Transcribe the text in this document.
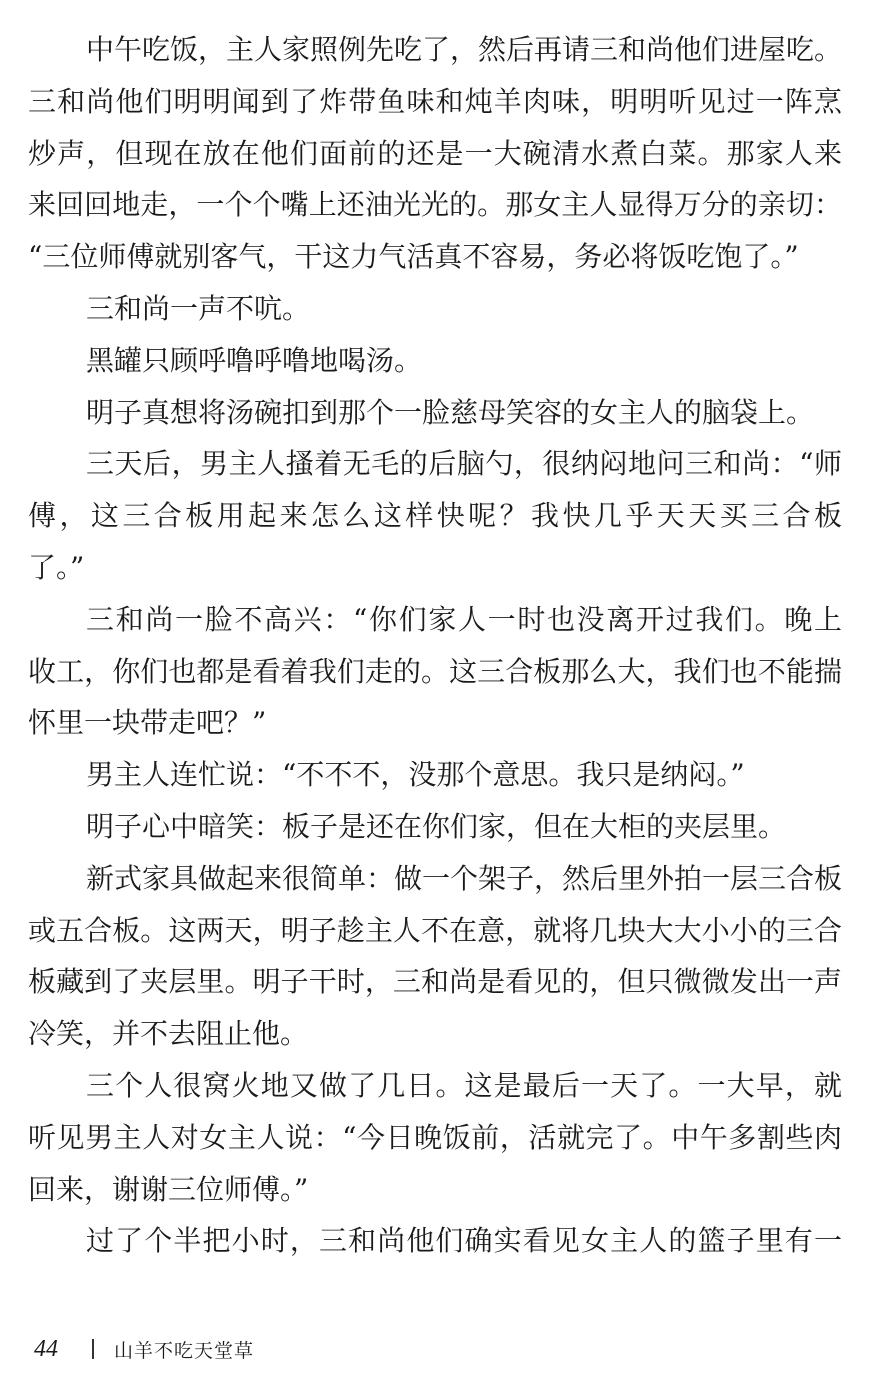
中午吃饭，主人家照例先吃了，然后再请三和尚他们进屋吃。
三和尚他们明明闻到了炸带鱼味和炖羊肉味，明明听见过一阵烹
炒声，但现在放在他们面前的还是一大碗清水煮白菜。那家人来
来回回地走，一个个嘴上还油光光的。那女主人显得万分的亲切：
“三位师傅就别客气，干这力气活真不容易，务必将饭吃饱了。”
三和尚一声不吭。
黑罐只顾呼噜呼噜地喝汤。
明子真想将汤碗扣到那个一脸慈母笑容的女主人的脑袋上。
三天后，男主人搔着无毛的后脑勺，很纳闷地问三和尚：“师
傅，这三合板用起来怎么这样快呢？我快几乎天天买三合板
了。”
三和尚一脸不高兴：“你们家人一时也没离开过我们。晚上
收工，你们也都是看着我们走的。这三合板那么大，我们也不能揣
怀里一块带走吧？”
男主人连忙说：“不不不，没那个意思。我只是纳闷。”
明子心中暗笑：板子是还在你们家，但在大柜的夹层里。
新式家具做起来很简单：做一个架子，然后里外拍一层三合板
或五合板。这两天，明子趁主人不在意，就将几块大大小小的三合
板藏到了夹层里。明子干时，三和尚是看见的，但只微微发出一声
冷笑，并不去阻止他。
三个人很窝火地又做了几日。这是最后一天了。一大早，就
听见男主人对女主人说：“今日晚饭前，活就完了。中午多割些肉
回来，谢谢三位师傅。”
过了个半把小时，三和尚他们确实看见女主人的篮子里有一
44	山羊不吃天堂草
